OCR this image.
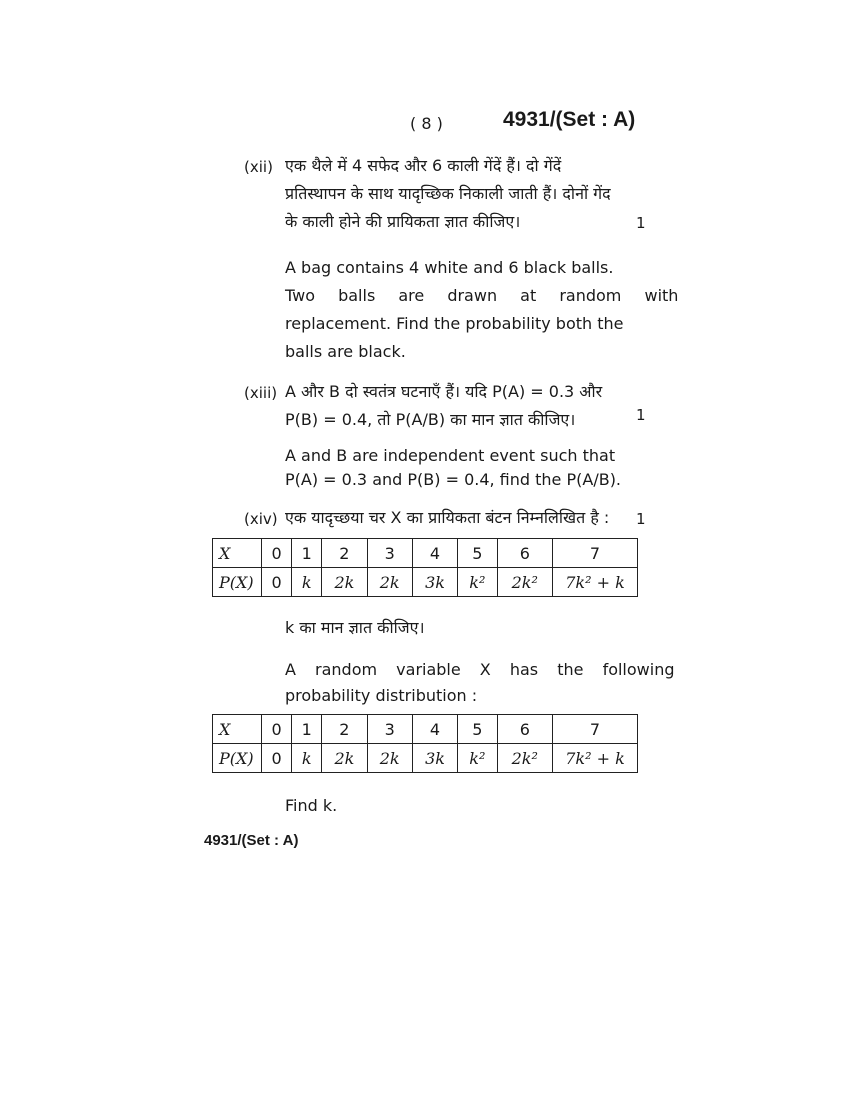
( 8 )	4931/(Set : A)
(xii) एक थैले में 4 सफेद और 6 काली गेंदें हैं। दो गेंदें
प्रतिस्थापन के साथ यादृच्छिक निकाली जाती हैं। दोनों गेंद
के काली होने की प्रायिकता ज्ञात कीजिए।	1
A bag contains 4 white and 6 black balls.
Two balls are drawn at random with
replacement. Find the probability both the
balls are black.
(xiii) A और B दो स्वतंत्र घटनाएँ हैं। यदि P(A) = 0.3 और
P(B) = 0.4, तो P(A/B) का मान ज्ञात कीजिए।	1
A and B are independent event such that
P(A) = 0.3 and P(B) = 0.4, find the P(A/B).
(xiv) एक यादृच्छया चर X का प्रायिकता बंटन निम्नलिखित है :	1
X	0	1	2	3	4	5	6	7
P(X)	0	k	2k	2k	3k	k²	2k²	7k² + k
k का मान ज्ञात कीजिए।
A random variable X has the following
probability distribution :
X	0	1	2	3	4	5	6	7
P(X)	0	k	2k	2k	3k	k²	2k²	7k² + k
Find k.
4931/(Set : A)
